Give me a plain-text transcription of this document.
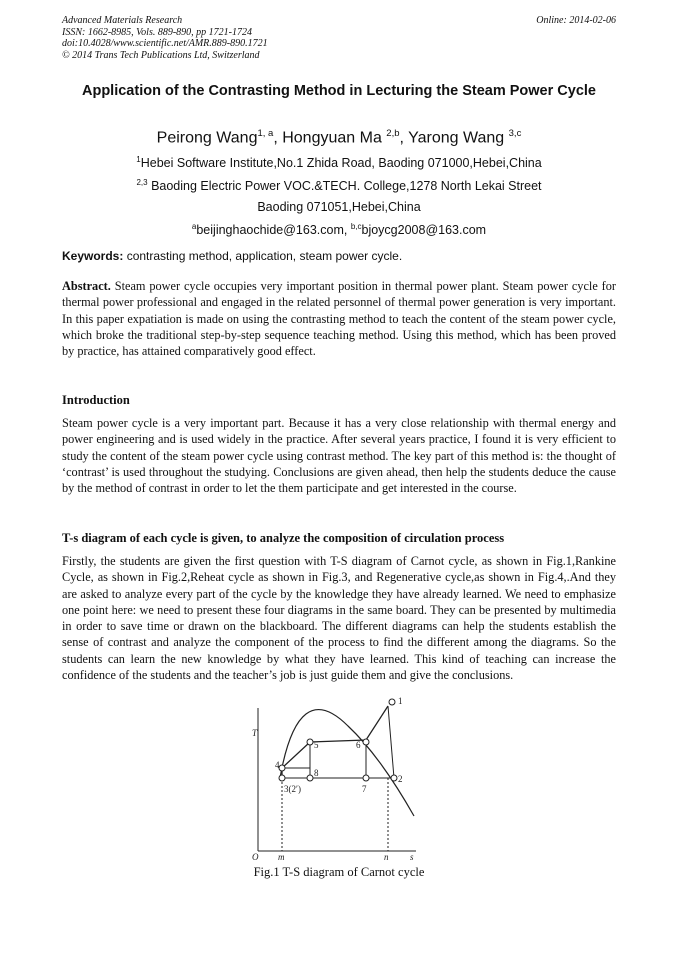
Advanced Materials Research
ISSN: 1662-8985, Vols. 889-890, pp 1721-1724
doi:10.4028/www.scientific.net/AMR.889-890.1721
© 2014 Trans Tech Publications Ltd, Switzerland
Online: 2014-02-06
Application of the Contrasting Method in Lecturing the Steam Power Cycle
Peirong Wang$^{1, a}$, Hongyuan Ma $^{2,b}$, Yarong Wang $^{3,c}$
$^1$Hebei Software Institute,No.1 Zhida Road, Baoding 071000,Hebei,China
$^{2,3}$ Baoding Electric Power VOC.&TECH. College,1278 North Lekai Street
Baoding 071051,Hebei,China
$^a$beijinghaochide@163.com, $^{b,c}$bjoycg2008@163.com
Keywords: contrasting method, application, steam power cycle.

Abstract. Steam power cycle occupies very important position in thermal power plant. Steam power cycle for thermal power professional and engaged in the related personnel of thermal power generation is very important. In this paper expatiation is made on using the contrasting method to teach the content of the steam power cycle, which broke the traditional step-by-step sequence teaching method. Using this method, which has been proved by practice, has attained comparatively good effect.

Introduction

Steam power cycle is a very important part. Because it has a very close relationship with thermal energy and power engineering and is used widely in the practice. After several years practice, I found it is very efficient to study the content of the steam power cycle using contrast method. The key part of this method is: the thought of ‘contrast’ is used throughout the studying. Conclusions are given ahead, then help the students deduce the cause by the method of contrast in order to let the them participate and get interested in the course.

T-s diagram of each cycle is given, to analyze the composition of circulation process

Firstly, the students are given the first question with T-S diagram of Carnot cycle, as shown in Fig.1,Rankine Cycle, as shown in Fig.2,Reheat cycle as shown in Fig.3, and Regenerative cycle,as shown in Fig.4,.And they are asked to analyze every part of the cycle by the knowledge they have already learned. We need to emphasize one point here: we need to present these four diagrams in the same board. They can be presented by multimedia in order to save time or drawn on the blackboard. The different diagrams can help the students establish the sense of contrast and analyze the component of the process to find the different among the diagrams. So the students can learn the new knowledge by what they have learned. This kind of teaching can increase the confidence of the students and the teacher’s job is just guide them and give the conclusions.

T
s
O m	n
1
2
3(2′)
4
5	6
7
8
Fig.1 T-S diagram of Carnot cycle
